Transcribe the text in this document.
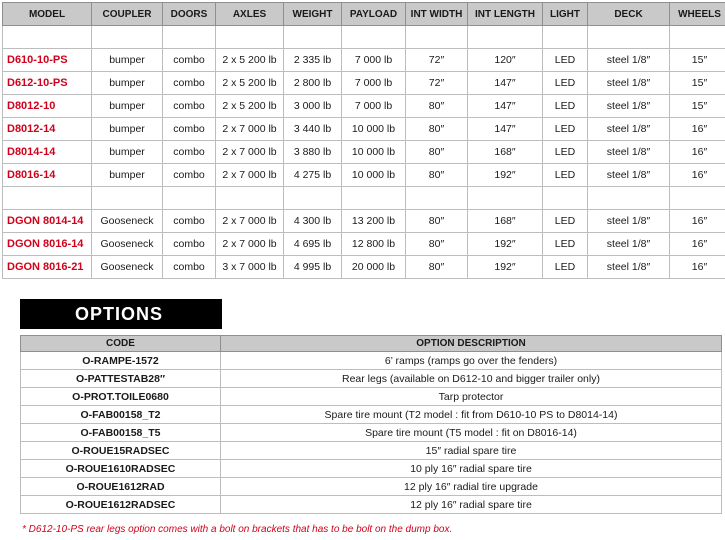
MODEL	COUPLER	DOORS	AXLES	WEIGHT	PAYLOAD	INT WIDTH	INT LENGTH	LIGHT	DECK	WHEELS

D610-10-PS	bumper	combo	2 x 5 200 lb	2 335 lb	7 000 lb	72″	120″	LED	steel 1/8″	15″
D612-10-PS	bumper	combo	2 x 5 200 lb	2 800 lb	7 000 lb	72″	147″	LED	steel 1/8″	15″
D8012-10	bumper	combo	2 x 5 200 lb	3 000 lb	7 000 lb	80″	147″	LED	steel 1/8″	15″
D8012-14	bumper	combo	2 x 7 000 lb	3 440 lb	10 000 lb	80″	147″	LED	steel 1/8″	16″
D8014-14	bumper	combo	2 x 7 000 lb	3 880 lb	10 000 lb	80″	168″	LED	steel 1/8″	16″
D8016-14	bumper	combo	2 x 7 000 lb	4 275 lb	10 000 lb	80″	192″	LED	steel 1/8″	16″

DGON 8014-14	Gooseneck	combo	2 x 7 000 lb	4 300 lb	13 200 lb	80″	168″	LED	steel 1/8″	16″
DGON 8016-14	Gooseneck	combo	2 x 7 000 lb	4 695 lb	12 800 lb	80″	192″	LED	steel 1/8″	16″
DGON 8016-21	Gooseneck	combo	3 x 7 000 lb	4 995 lb	20 000 lb	80″	192″	LED	steel 1/8″	16″
OPTIONS
CODE	OPTION DESCRIPTION
O-RAMPE-1572	6’ ramps (ramps go over the fenders)
O-PATTESTAB28″	Rear legs (available on D612-10 and bigger trailer only)
O-PROT.TOILE0680	Tarp protector
O-FAB00158_T2	Spare tire mount (T2 model : fit from D610-10 PS to D8014-14)
O-FAB00158_T5	Spare tire mount (T5 model : fit on D8016-14)
O-ROUE15RADSEC	15″ radial spare tire
O-ROUE1610RADSEC	10 ply 16″ radial spare tire
O-ROUE1612RAD	12 ply 16″ radial tire upgrade
O-ROUE1612RADSEC	12 ply 16″ radial spare tire
* D612-10-PS rear legs option comes with a bolt on brackets that has to be bolt on the dump box.
